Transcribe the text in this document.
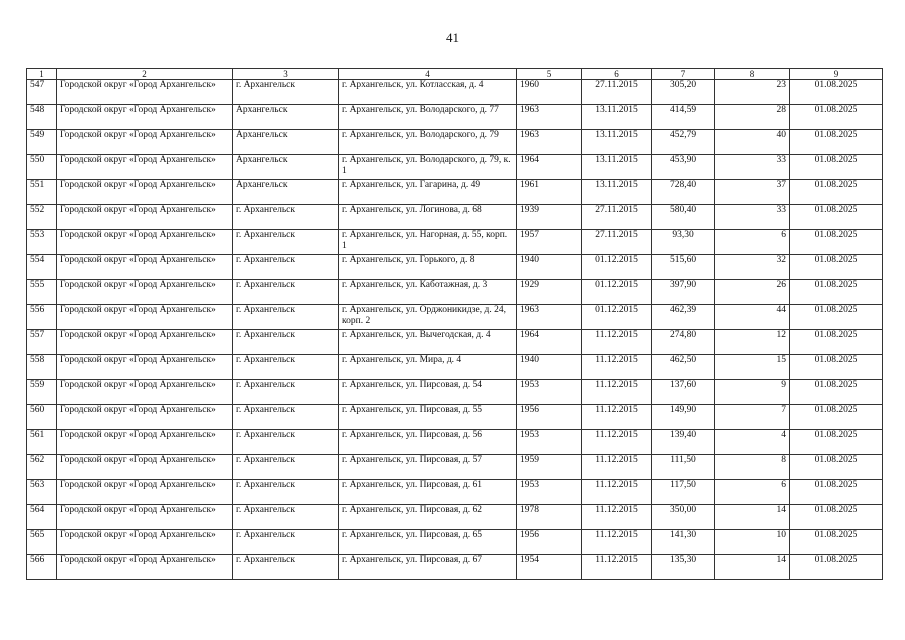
41
1	2	3	4	5	6	7	8	9
547	Городской округ «Город Архангельск»	г. Архангельск	г. Архангельск, ул. Котласская, д. 4	1960	27.11.2015	305,20	23	01.08.2025
548	Городской округ «Город Архангельск»	Архангельск	г. Архангельск, ул. Володарского, д. 77	1963	13.11.2015	414,59	28	01.08.2025
549	Городской округ «Город Архангельск»	Архангельск	г. Архангельск, ул. Володарского, д. 79	1963	13.11.2015	452,79	40	01.08.2025
550	Городской округ «Город Архангельск»	Архангельск	г. Архангельск, ул. Володарского, д. 79, к. 1	1964	13.11.2015	453,90	33	01.08.2025
551	Городской округ «Город Архангельск»	Архангельск	г. Архангельск, ул. Гагарина, д. 49	1961	13.11.2015	728,40	37	01.08.2025
552	Городской округ «Город Архангельск»	г. Архангельск	г. Архангельск, ул. Логинова, д. 68	1939	27.11.2015	580,40	33	01.08.2025
553	Городской округ «Город Архангельск»	г. Архангельск	г. Архангельск, ул. Нагорная, д. 55, корп. 1	1957	27.11.2015	93,30	6	01.08.2025
554	Городской округ «Город Архангельск»	г. Архангельск	г. Архангельск, ул. Горького, д. 8	1940	01.12.2015	515,60	32	01.08.2025
555	Городской округ «Город Архангельск»	г. Архангельск	г. Архангельск, ул. Каботажная, д. 3	1929	01.12.2015	397,90	26	01.08.2025
556	Городской округ «Город Архангельск»	г. Архангельск	г. Архангельск, ул. Орджоникидзе, д. 24, корп. 2	1963	01.12.2015	462,39	44	01.08.2025
557	Городской округ «Город Архангельск»	г. Архангельск	г. Архангельск, ул. Вычегодская, д. 4	1964	11.12.2015	274,80	12	01.08.2025
558	Городской округ «Город Архангельск»	г. Архангельск	г. Архангельск, ул. Мира, д. 4	1940	11.12.2015	462,50	15	01.08.2025
559	Городской округ «Город Архангельск»	г. Архангельск	г. Архангельск, ул. Пирсовая, д. 54	1953	11.12.2015	137,60	9	01.08.2025
560	Городской округ «Город Архангельск»	г. Архангельск	г. Архангельск, ул. Пирсовая, д. 55	1956	11.12.2015	149,90	7	01.08.2025
561	Городской округ «Город Архангельск»	г. Архангельск	г. Архангельск, ул. Пирсовая, д. 56	1953	11.12.2015	139,40	4	01.08.2025
562	Городской округ «Город Архангельск»	г. Архангельск	г. Архангельск, ул. Пирсовая, д. 57	1959	11.12.2015	111,50	8	01.08.2025
563	Городской округ «Город Архангельск»	г. Архангельск	г. Архангельск, ул. Пирсовая, д. 61	1953	11.12.2015	117,50	6	01.08.2025
564	Городской округ «Город Архангельск»	г. Архангельск	г. Архангельск, ул. Пирсовая, д. 62	1978	11.12.2015	350,00	14	01.08.2025
565	Городской округ «Город Архангельск»	г. Архангельск	г. Архангельск, ул. Пирсовая, д. 65	1956	11.12.2015	141,30	10	01.08.2025
566	Городской округ «Город Архангельск»	г. Архангельск	г. Архангельск, ул. Пирсовая, д. 67	1954	11.12.2015	135,30	14	01.08.2025
